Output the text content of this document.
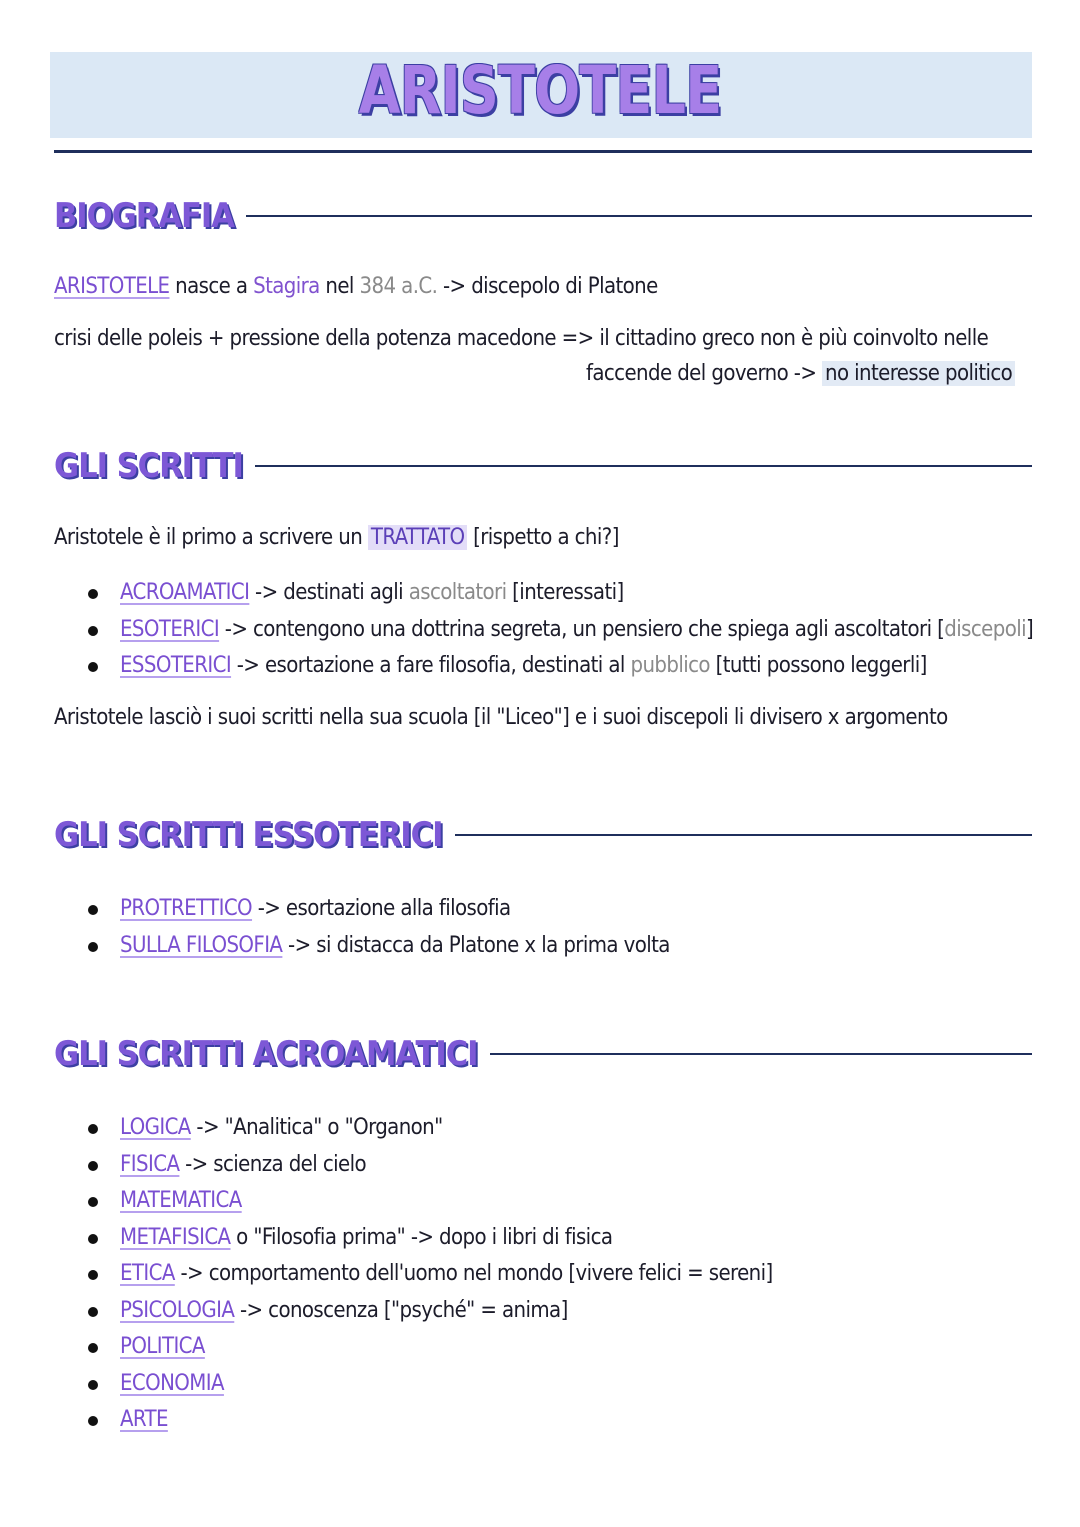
ARISTOTELE
BIOGRAFIA
ARISTOTELE nasce a Stagira nel 384 a.C. -> discepolo di Platone
crisi delle poleis + pressione della potenza macedone => il cittadino greco non è più coinvolto nelle
faccende del governo -> no interesse politico
GLI SCRITTI
Aristotele è il primo a scrivere un TRATTATO [rispetto a chi?]
ACROAMATICI -> destinati agli ascoltatori [interessati]
ESOTERICI -> contengono una dottrina segreta, un pensiero che spiega agli ascoltatori [discepoli]
ESSOTERICI -> esortazione a fare filosofia, destinati al pubblico [tutti possono leggerli]
Aristotele lasciò i suoi scritti nella sua scuola [il "Liceo"] e i suoi discepoli li divisero x argomento
GLI SCRITTI ESSOTERICI
PROTRETTICO -> esortazione alla filosofia
SULLA FILOSOFIA -> si distacca da Platone x la prima volta
GLI SCRITTI ACROAMATICI
LOGICA -> "Analitica" o "Organon"
FISICA -> scienza del cielo
MATEMATICA
METAFISICA o "Filosofia prima" -> dopo i libri di fisica
ETICA -> comportamento dell'uomo nel mondo [vivere felici = sereni]
PSICOLOGIA -> conoscenza ["psyché" = anima]
POLITICA
ECONOMIA
ARTE
